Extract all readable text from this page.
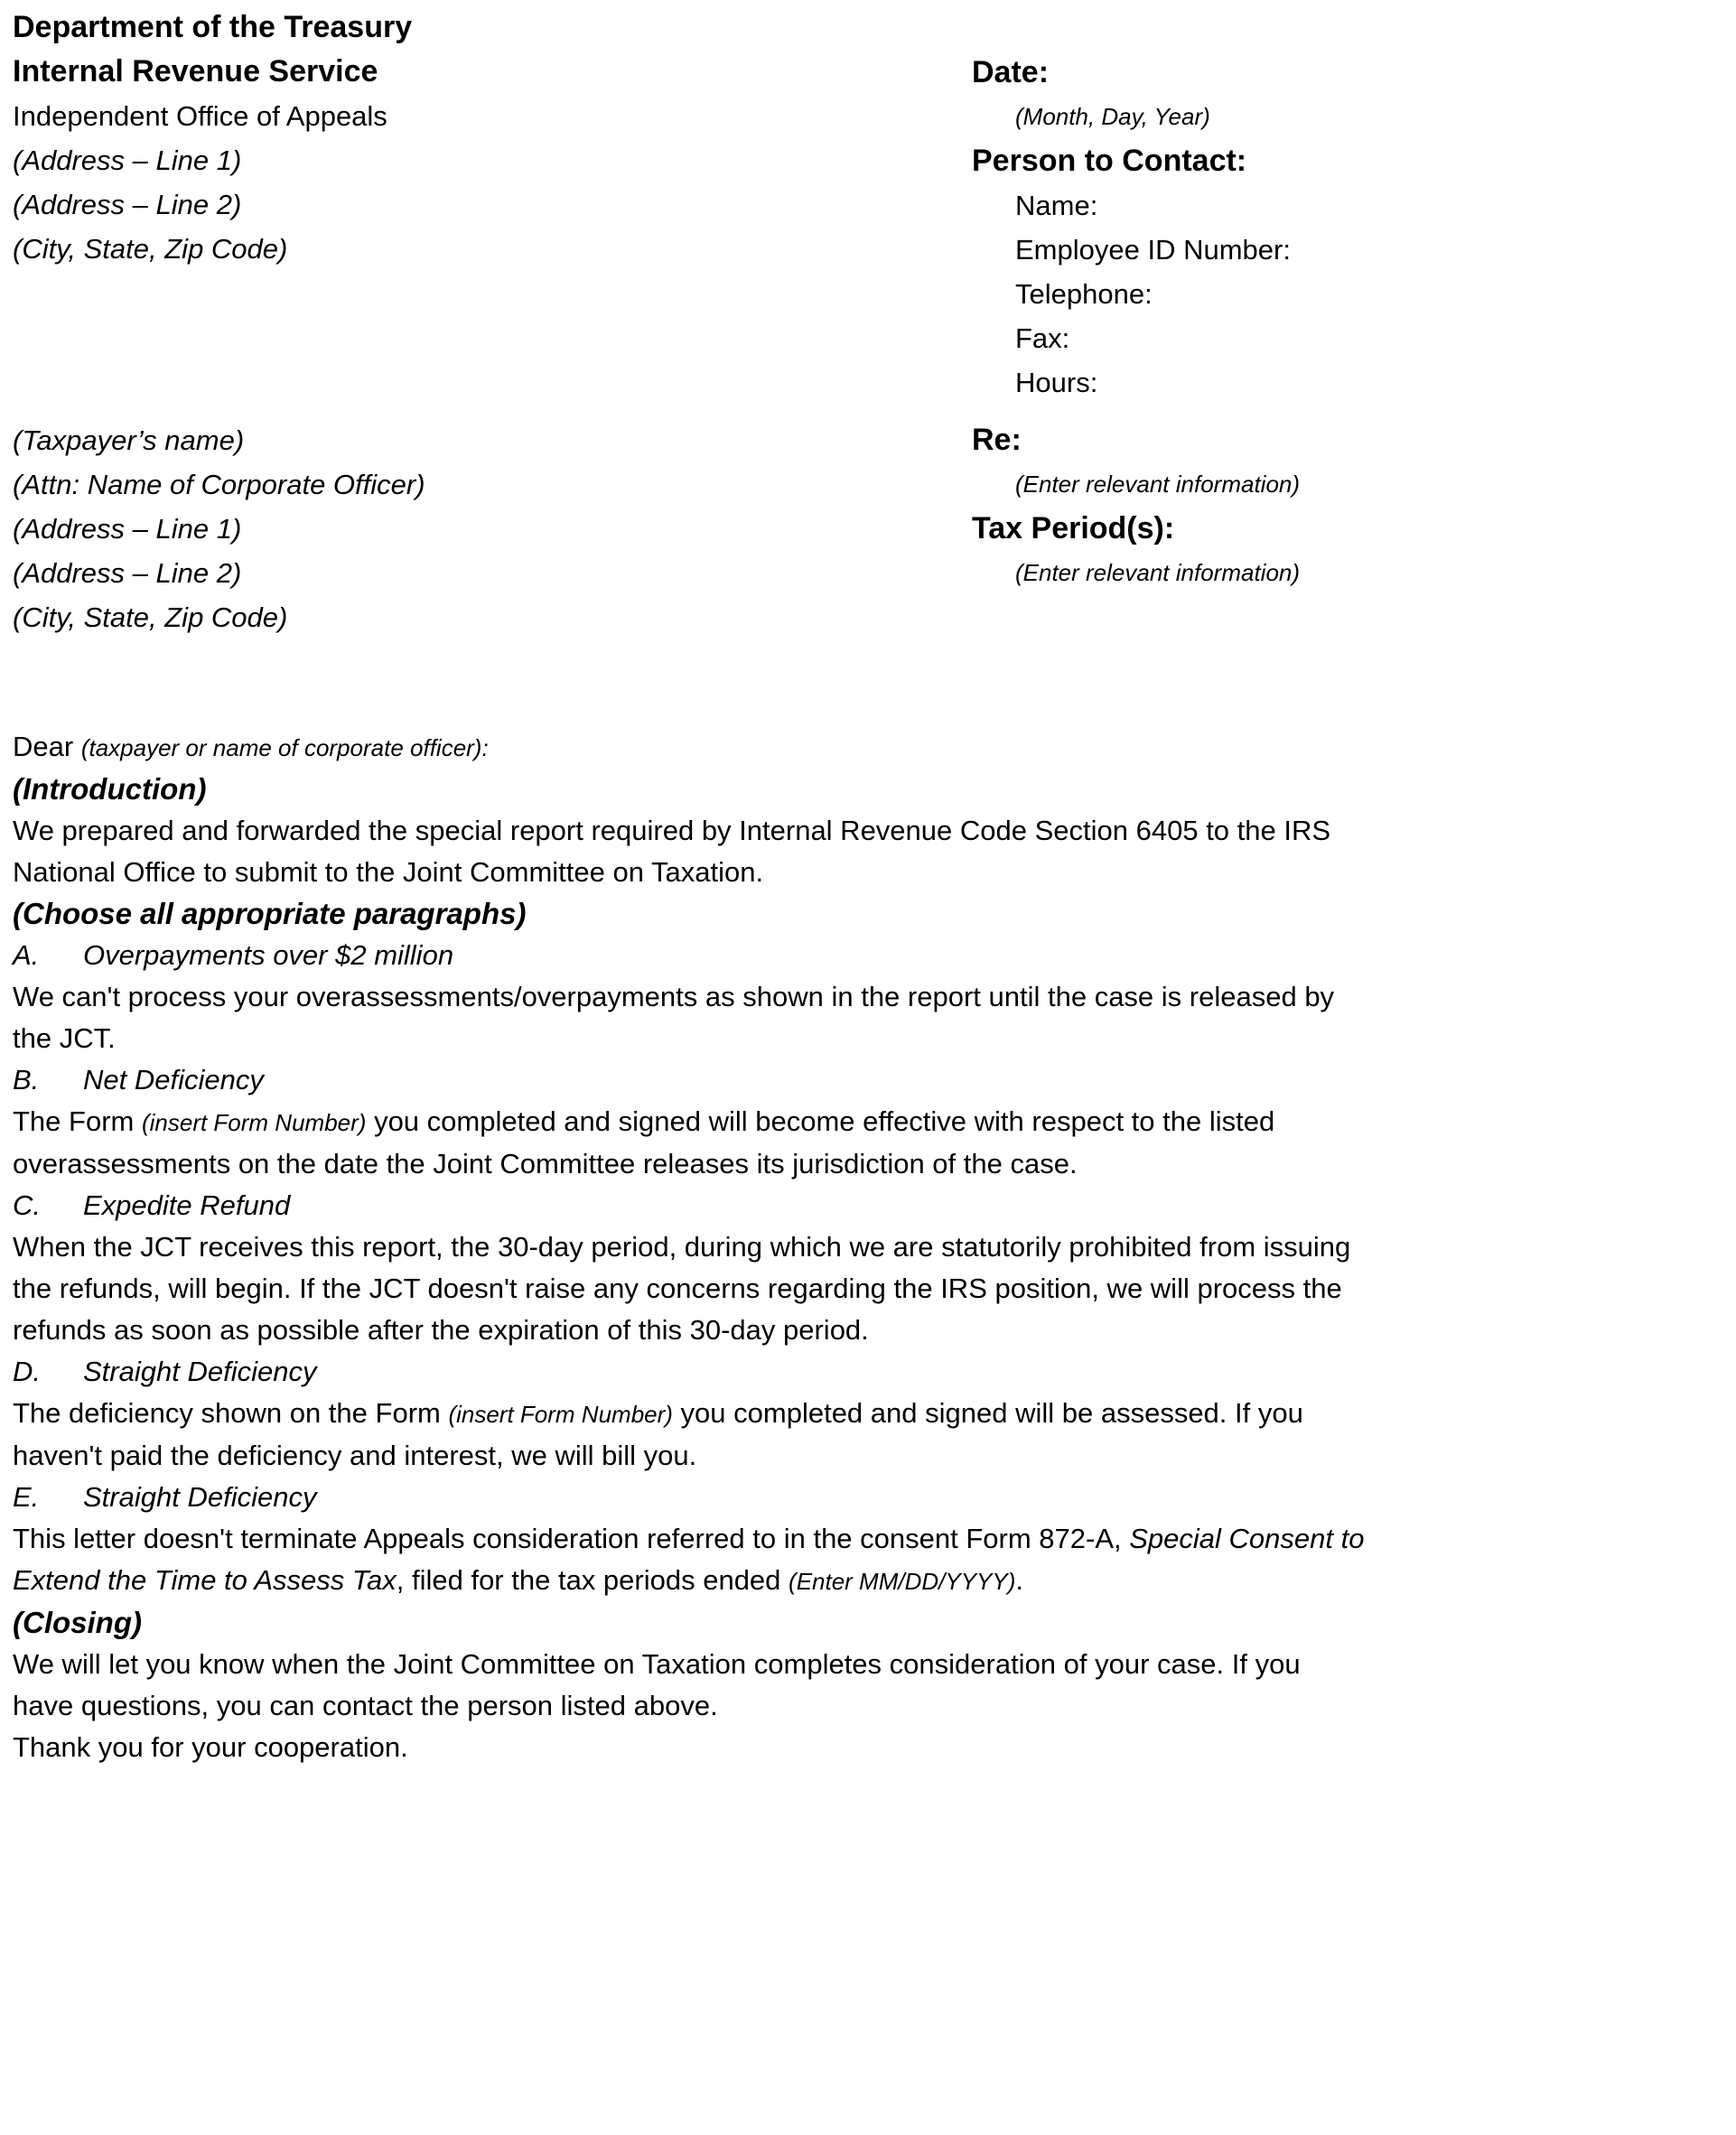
Department of the Treasury
Internal Revenue Service
Independent Office of Appeals
(Address – Line 1)
(Address – Line 2)
(City, State, Zip Code)
Date:
(Month, Day, Year)
Person to Contact:
Name:
Employee ID Number:
Telephone:
Fax:
Hours:
(Taxpayer’s name)
(Attn: Name of Corporate Officer)
(Address – Line 1)
(Address – Line 2)
(City, State, Zip Code)
Re:
(Enter relevant information)
Tax Period(s):
(Enter relevant information)

Dear (taxpayer or name of corporate officer):

(Introduction)

We prepared and forwarded the special report required by Internal Revenue Code Section 6405 to the IRS National Office to submit to the Joint Committee on Taxation.

(Choose all appropriate paragraphs)
A. Overpayments over $2 million

We can't process your overassessments/overpayments as shown in the report until the case is released by the JCT.

B. Net Deficiency

The Form (insert Form Number) you completed and signed will become effective with respect to the listed overassessments on the date the Joint Committee releases its jurisdiction of the case.

C. Expedite Refund

When the JCT receives this report, the 30-day period, during which we are statutorily prohibited from issuing the refunds, will begin. If the JCT doesn't raise any concerns regarding the IRS position, we will process the refunds as soon as possible after the expiration of this 30-day period.

D. Straight Deficiency

The deficiency shown on the Form (insert Form Number) you completed and signed will be assessed. If you haven't paid the deficiency and interest, we will bill you.

E. Straight Deficiency

This letter doesn't terminate Appeals consideration referred to in the consent Form 872-A, Special Consent to Extend the Time to Assess Tax, filed for the tax periods ended (Enter MM/DD/YYYY).

(Closing)

We will let you know when the Joint Committee on Taxation completes consideration of your case. If you have questions, you can contact the person listed above.

Thank you for your cooperation.
